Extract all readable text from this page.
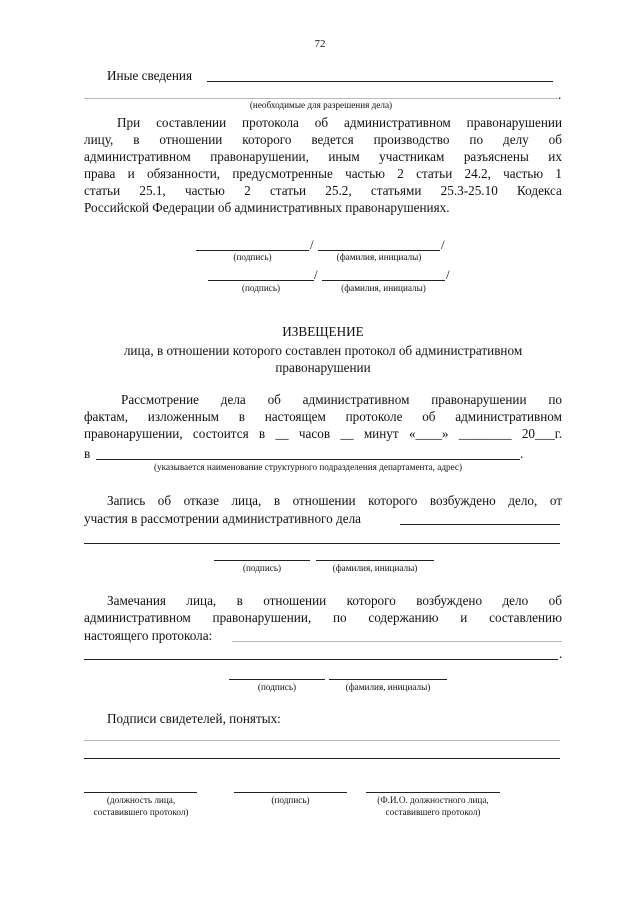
72
Иные сведения
.
(необходимые для разрешения дела)
При составлении протокола об административном правонарушении
лицу, в отношении которого ведется производство по делу об
административном правонарушении, иным участникам разъяснены их
права и обязанности, предусмотренные частью 2 статьи 24.2, частью 1
статьи 25.1, частью 2 статьи 25.2, статьями 25.3-25.10 Кодекса
Российской Федерации об административных правонарушениях.
/	/
(подпись)	(фамилия, инициалы)
/	/
(подпись)	(фамилия, инициалы)
ИЗВЕЩЕНИЕ
лица, в отношении которого составлен протокол об административном
правонарушении
Рассмотрение дела об административном правонарушении по
фактам, изложенным в настоящем протоколе об административном
правонарушении, состоится в __ часов __ минут «____» ________ 20___г.
в	.
(указывается наименование структурного подразделения департамента, адрес)
Запись об отказе лица, в отношении которого возбуждено дело, от
участия в рассмотрении административного дела
(подпись)	(фамилия, инициалы)
Замечания лица, в отношении которого возбуждено дело об
административном правонарушении, по содержанию и составлению
настоящего протокола:
.
(подпись)	(фамилия, инициалы)
Подписи свидетелей, понятых:
(должность лица,
составившего протокол)
(подпись)	(Ф.И.О. должностного лица,
составившего протокол)
